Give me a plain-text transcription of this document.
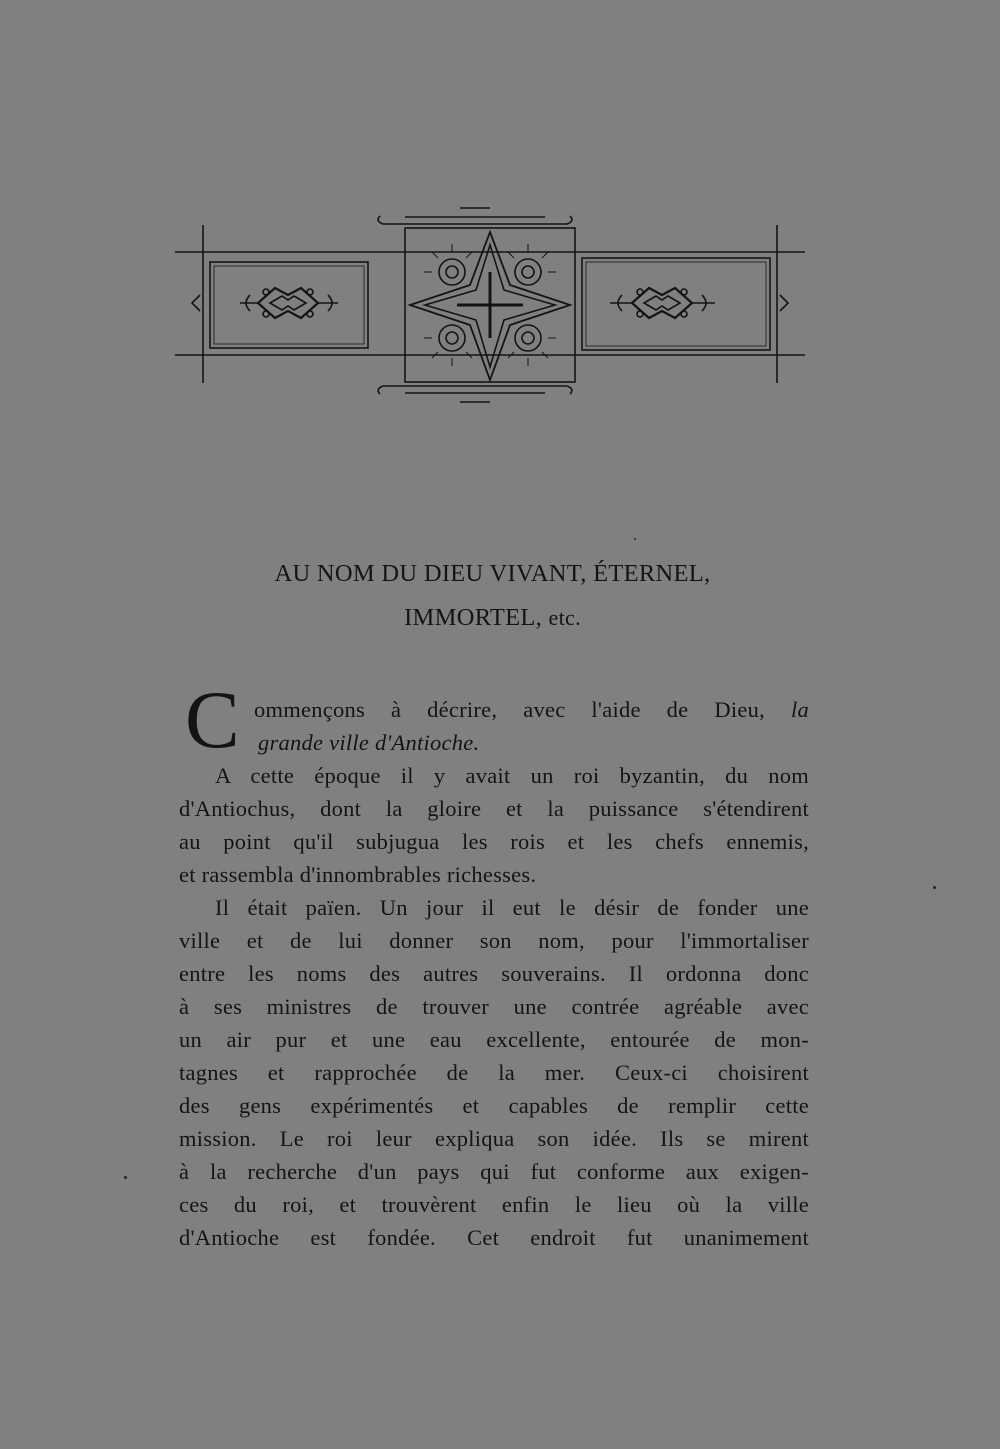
AU NOM DU DIEU VIVANT, ÉTERNEL,
IMMORTEL, etc.
C ommençons à décrire, avec l'aide de Dieu, la
grande ville d'Antioche.
A cette époque il y avait un roi byzantin, du nom
d'Antiochus, dont la gloire et la puissance s'étendirent
au point qu'il subjugua les rois et les chefs ennemis,
et rassembla d'innombrables richesses.
Il était païen. Un jour il eut le désir de fonder une
ville et de lui donner son nom, pour l'immortaliser
entre les noms des autres souverains. Il ordonna donc
à ses ministres de trouver une contrée agréable avec
un air pur et une eau excellente, entourée de mon-
tagnes et rapprochée de la mer. Ceux-ci choisirent
des gens expérimentés et capables de remplir cette
mission. Le roi leur expliqua son idée. Ils se mirent
à la recherche d'un pays qui fut conforme aux exigen-
ces du roi, et trouvèrent enfin le lieu où la ville
d'Antioche est fondée. Cet endroit fut unanimement
